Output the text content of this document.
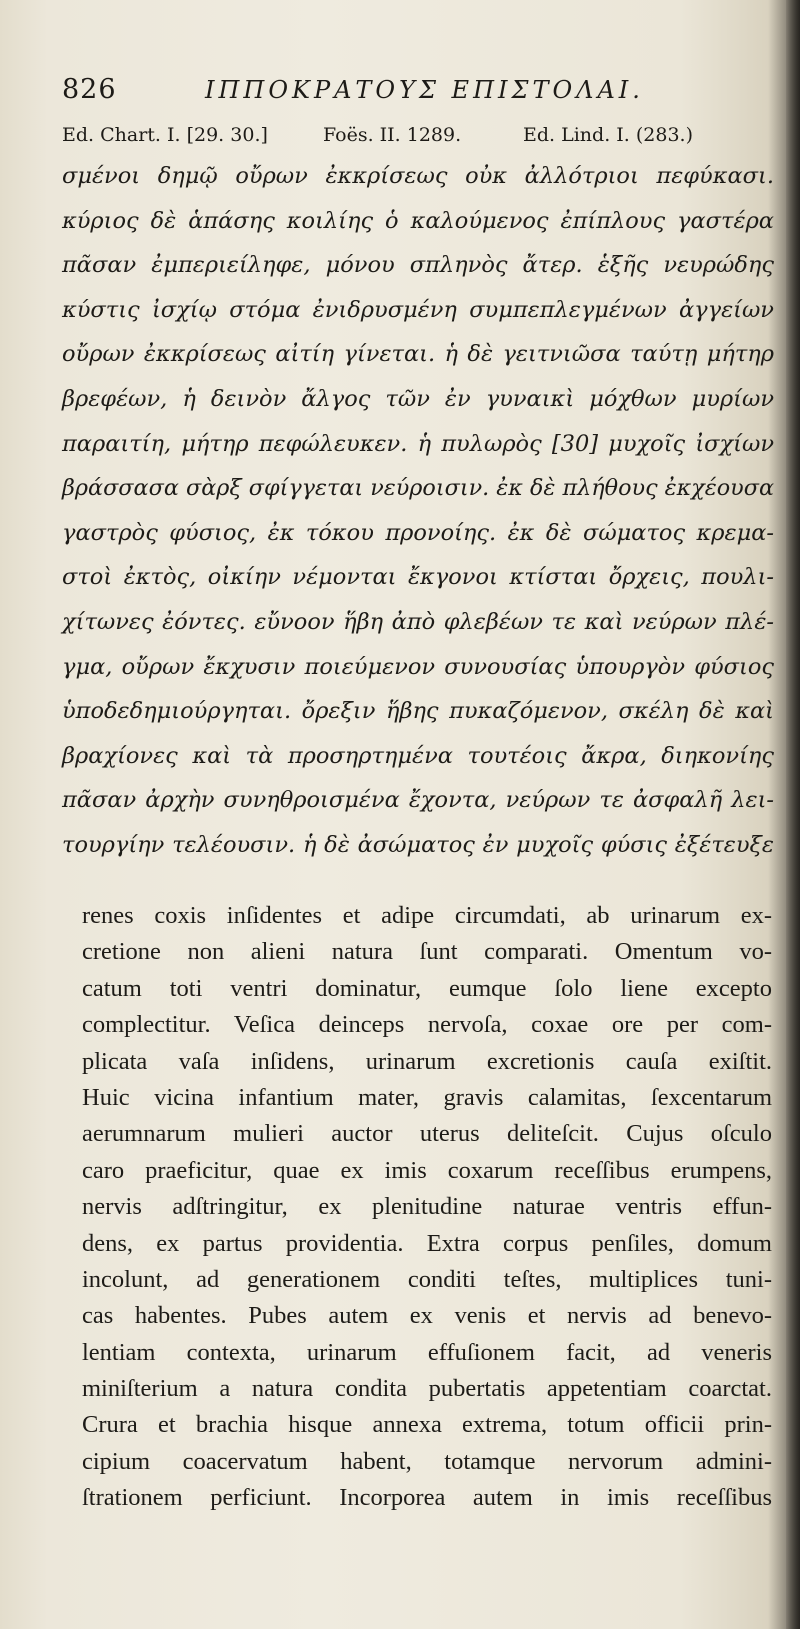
826	ΙΠΠΟΚΡΑΤΟΥΣ ΕΠΙΣΤΟΛΑΙ.
Ed. Chart. I. [29. 30.]	Foës. II. 1289.	Ed. Lind. I. (283.)
σμένοι δημῷ οὔρων ἐκκρίσεως οὐκ ἀλλότριοι πεφύκασι.
κύριος δὲ ἁπάσης κοιλίης ὁ καλούμενος ἐπίπλους γαστέρα
πᾶσαν ἐμπεριείληφε, μόνου σπληνὸς ἄτερ. ἑξῆς νευρώδης
κύστις ἰσχίῳ στόμα ἐνιδρυσμένη συμπεπλεγμένων ἀγγείων
οὔρων ἐκκρίσεως αἰτίη γίνεται. ἡ δὲ γειτνιῶσα ταύτῃ μήτηρ
βρεφέων, ἡ δεινὸν ἄλγος τῶν ἐν γυναικὶ μόχθων μυρίων
παραιτίη, μήτηρ πεφώλευκεν. ἡ πυλωρὸς [30] μυχοῖς ἰσχίων
βράσσασα σὰρξ σφίγγεται νεύροισιν. ἐκ δὲ πλήθους ἐκχέουσα
γαστρὸς φύσιος, ἐκ τόκου προνοίης. ἐκ δὲ σώματος κρεμα-
στοὶ ἐκτὸς, οἰκίην νέμονται ἔκγονοι κτίσται ὄρχεις, πουλι-
χίτωνες ἐόντες. εὔνοον ἥβη ἀπὸ φλεβέων τε καὶ νεύρων πλέ-
γμα, οὔρων ἔκχυσιν ποιεύμενον συνουσίας ὑπουργὸν φύσιος
ὑποδεδημιούργηται. ὄρεξιν ἥβης πυκαζόμενον, σκέλη δὲ καὶ
βραχίονες καὶ τὰ προσηρτημένα τουτέοις ἄκρα, διηκονίης
πᾶσαν ἀρχὴν συνηθροισμένα ἔχοντα, νεύρων τε ἀσφαλῆ λει-
τουργίην τελέουσιν. ἡ δὲ ἀσώματος ἐν μυχοῖς φύσις ἐξέτευξε

renes coxis inſidentes et adipe circumdati, ab urinarum ex-
cretione non alieni natura ſunt comparati. Omentum vo-
catum toti ventri dominatur, eumque ſolo liene excepto
complectitur. Veſica deinceps nervoſa, coxae ore per com-
plicata vaſa inſidens, urinarum excretionis cauſa exiſtit.
Huic vicina infantium mater, gravis calamitas, ſexcentarum
aerumnarum mulieri auctor uterus deliteſcit. Cujus oſculo
caro praeficitur, quae ex imis coxarum receſſibus erumpens,
nervis adſtringitur, ex plenitudine naturae ventris effun-
dens, ex partus providentia. Extra corpus penſiles, domum
incolunt, ad generationem conditi teſtes, multiplices tuni-
cas habentes. Pubes autem ex venis et nervis ad benevo-
lentiam contexta, urinarum effuſionem facit, ad veneris
miniſterium a natura condita pubertatis appetentiam coarctat.
Crura et brachia hisque annexa extrema, totum officii prin-
cipium coacervatum habent, totamque nervorum admini-
ſtrationem perficiunt. Incorporea autem in imis receſſibus
